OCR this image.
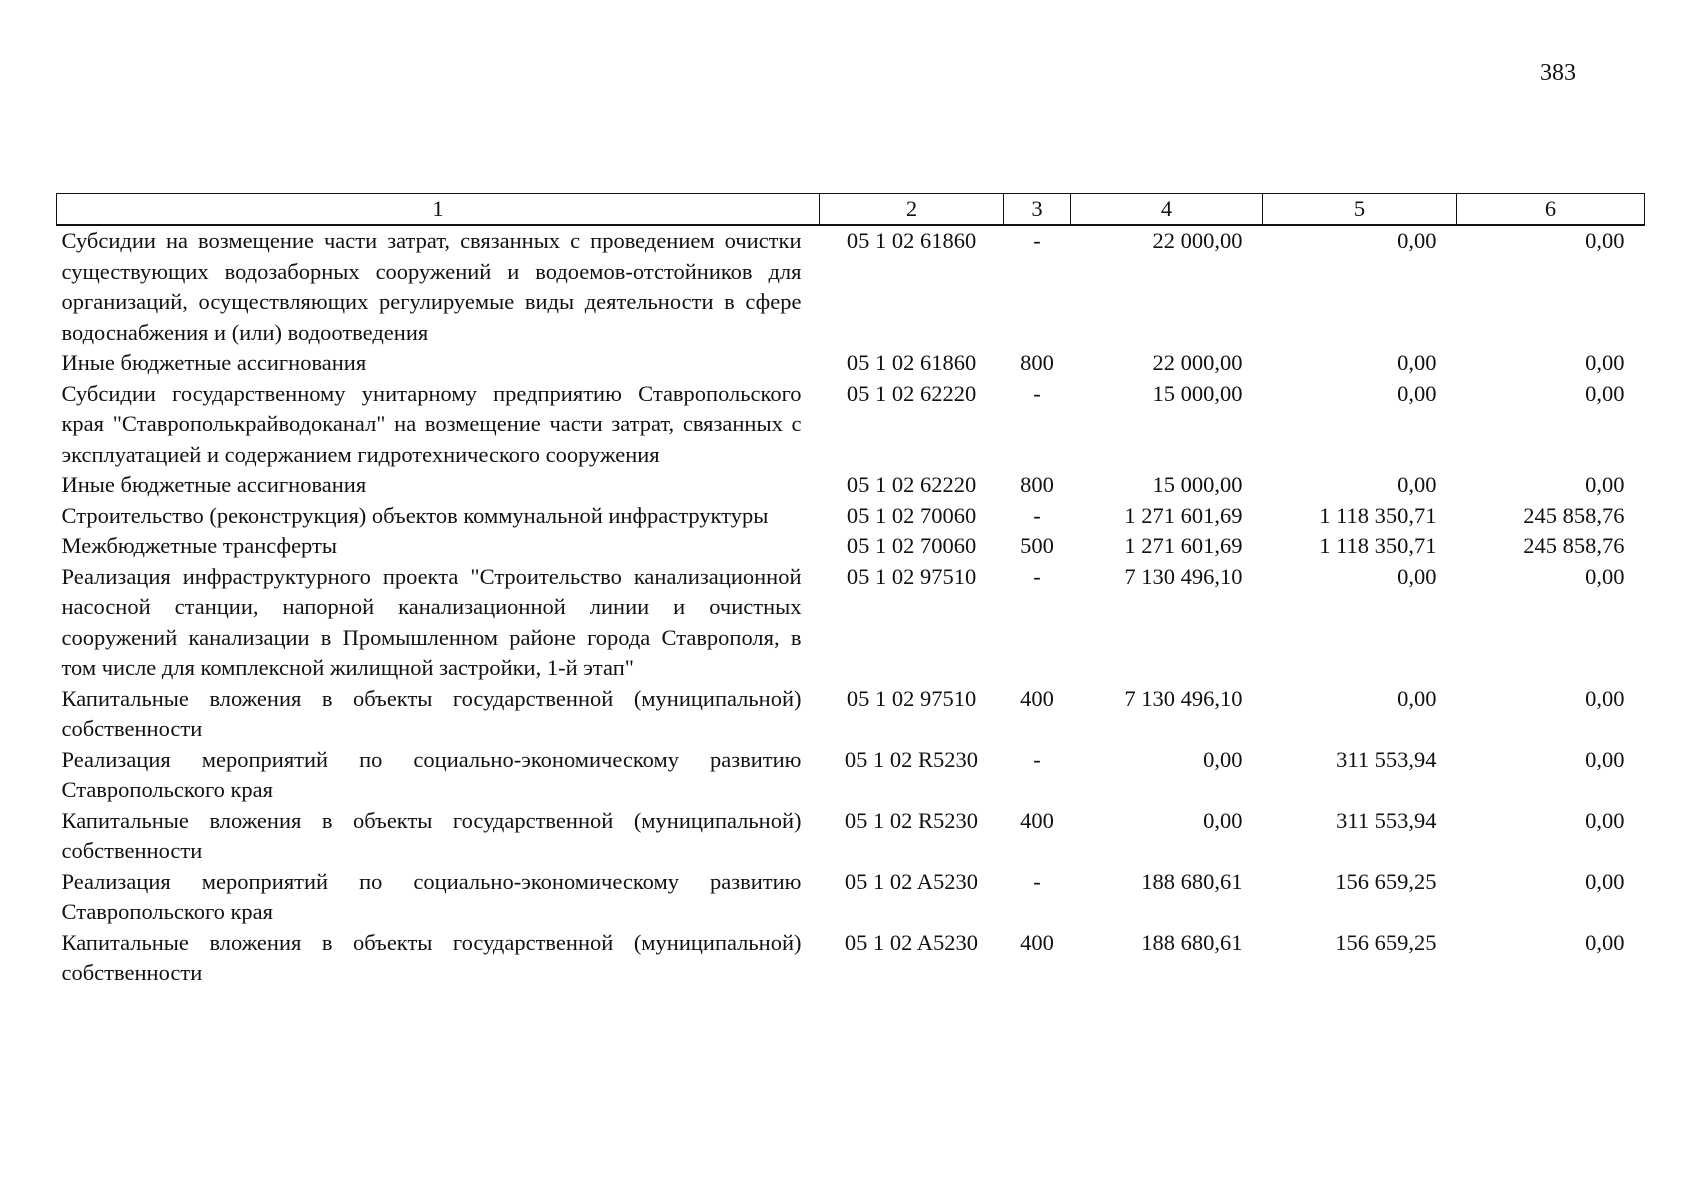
383
1	2	3	4	5	6
Субсидии на возмещение части затрат, связанных с проведением очистки существующих водозаборных сооружений и водоемов-отстойников для организаций, осуществляющих регулируемые виды деятельности в сфере водоснабжения и (или) водоотведения	05 1 02 61860	-	22 000,00	0,00	0,00
Иные бюджетные ассигнования	05 1 02 61860	800	22 000,00	0,00	0,00
Субсидии государственному унитарному предприятию Ставропольского края "Ставрополькрайводоканал" на возмещение части затрат, связанных с эксплуатацией и содержанием гидротехнического сооружения	05 1 02 62220	-	15 000,00	0,00	0,00
Иные бюджетные ассигнования	05 1 02 62220	800	15 000,00	0,00	0,00
Строительство (реконструкция) объектов коммунальной инфраструктуры	05 1 02 70060	-	1 271 601,69	1 118 350,71	245 858,76
Межбюджетные трансферты	05 1 02 70060	500	1 271 601,69	1 118 350,71	245 858,76
Реализация инфраструктурного проекта "Строительство канализационной насосной станции, напорной канализационной линии и очистных сооружений канализации в Промышленном районе города Ставрополя, в том числе для комплексной жилищной застройки, 1-й этап"	05 1 02 97510	-	7 130 496,10	0,00	0,00
Капитальные вложения в объекты государственной (муниципальной) собственности	05 1 02 97510	400	7 130 496,10	0,00	0,00
Реализация мероприятий по социально-экономическому развитию Ставропольского края	05 1 02 R5230	-	0,00	311 553,94	0,00
Капитальные вложения в объекты государственной (муниципальной) собственности	05 1 02 R5230	400	0,00	311 553,94	0,00
Реализация мероприятий по социально-экономическому развитию Ставропольского края	05 1 02 A5230	-	188 680,61	156 659,25	0,00
Капитальные вложения в объекты государственной (муниципальной) собственности	05 1 02 A5230	400	188 680,61	156 659,25	0,00
